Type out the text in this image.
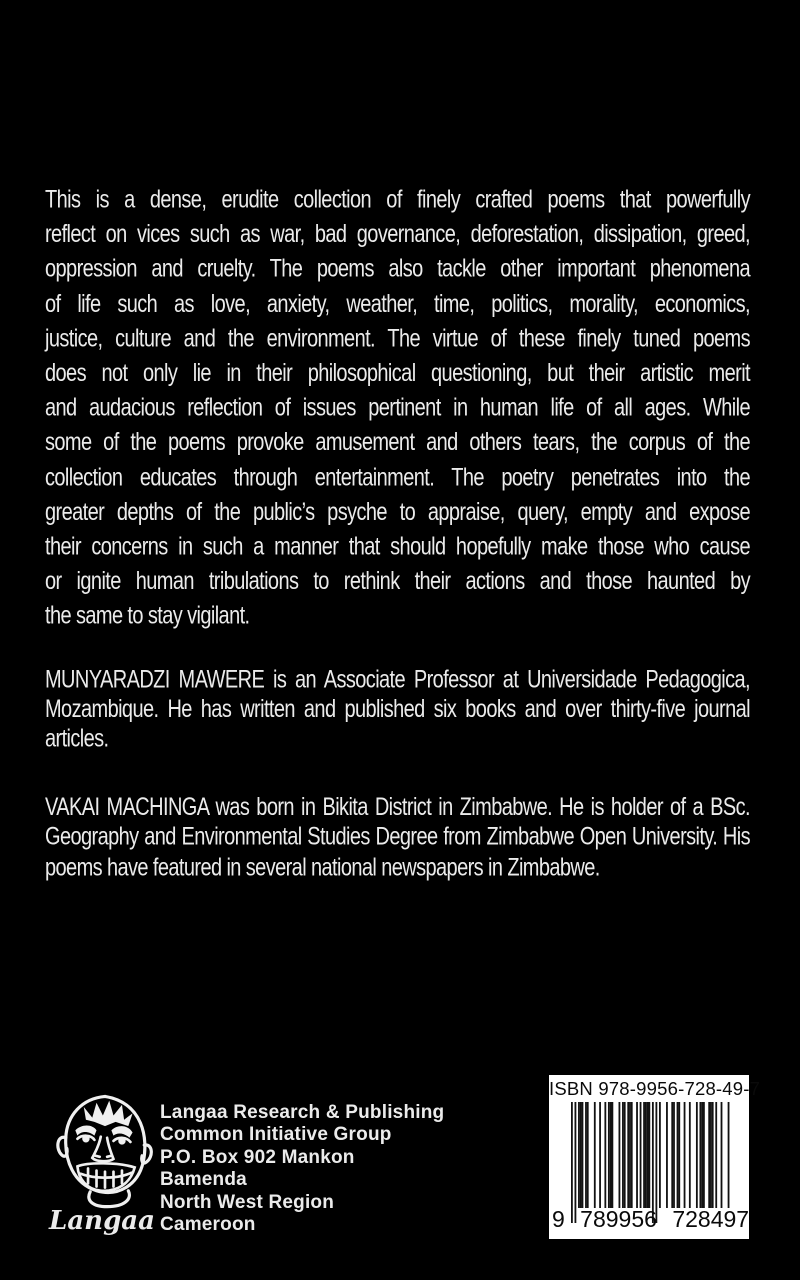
This is a dense, erudite collection of finely crafted poems that powerfully
reflect on vices such as war, bad governance, deforestation, dissipation, greed,
oppression and cruelty. The poems also tackle other important phenomena
of life such as love, anxiety, weather, time, politics, morality, economics,
justice, culture and the environment. The virtue of these finely tuned poems
does not only lie in their philosophical questioning, but their artistic merit
and audacious reflection of issues pertinent in human life of all ages. While
some of the poems provoke amusement and others tears, the corpus of the
collection educates through entertainment. The poetry penetrates into the
greater depths of the public’s psyche to appraise, query, empty and expose
their concerns in such a manner that should hopefully make those who cause
or ignite human tribulations to rethink their actions and those haunted by
the same to stay vigilant.
MUNYARADZI MAWERE is an Associate Professor at Universidade Pedagogica,
Mozambique. He has written and published six books and over thirty-five journal
articles.
VAKAI MACHINGA was born in Bikita District in Zimbabwe. He is holder of a BSc.
Geography and Environmental Studies Degree from Zimbabwe Open University. His
poems have featured in several national newspapers in Zimbabwe.
Langaa
Langaa Research & Publishing
Common Initiative Group
P.O. Box 902 Mankon
Bamenda
North West Region
Cameroon
ISBN 978-9956-728-49-7
9 789956 728497
